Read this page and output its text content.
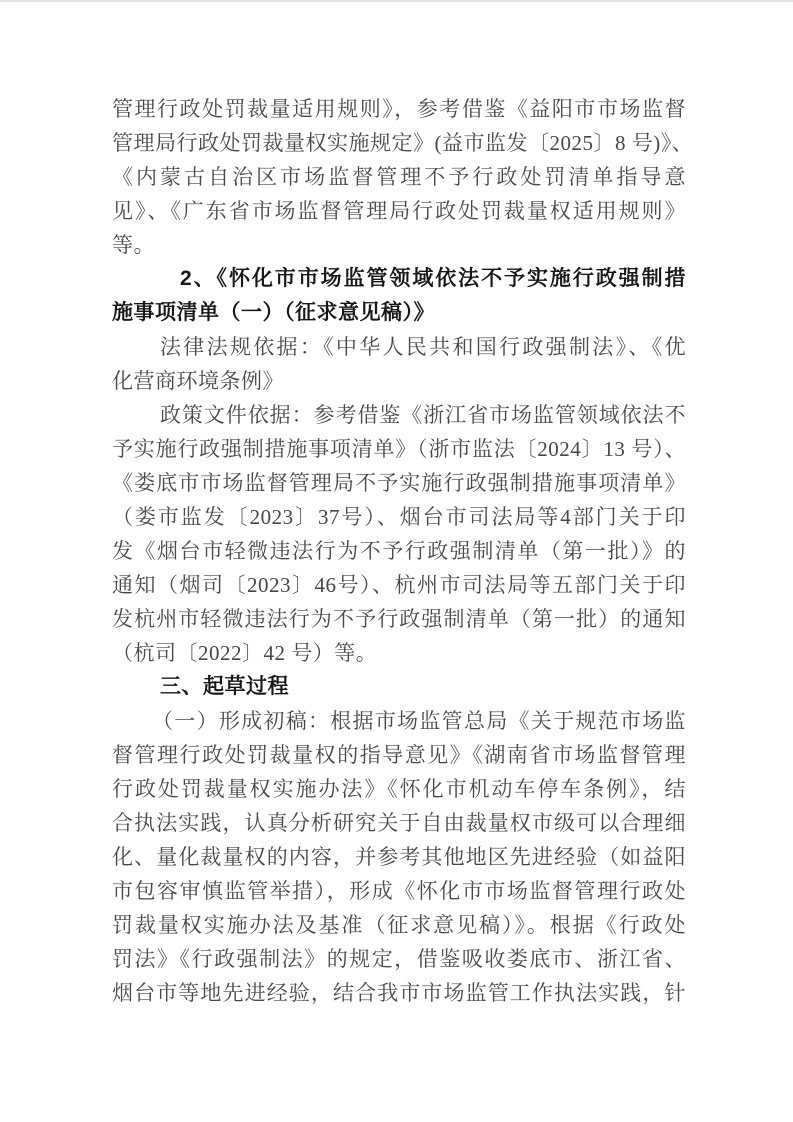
管理行政处罚裁量适用规则》，参考借鉴《益阳市市场监督
管理局行政处罚裁量权实施规定》(益市监发〔2025〕8 号)》、
《内蒙古自治区市场监督管理不予行政处罚清单指导意
见》、《广东省市场监督管理局行政处罚裁量权适用规则》
等。
2、《怀化市市场监管领域依法不予实施行政强制措
施事项清单（一）（征求意见稿）》
法律法规依据：《中华人民共和国行政强制法》、《优
化营商环境条例》
政策文件依据：参考借鉴《浙江省市场监管领域依法不
予实施行政强制措施事项清单》（浙市监法〔2024〕13 号）、
《娄底市市场监督管理局不予实施行政强制措施事项清单》
（娄市监发〔2023〕37号）、烟台市司法局等4部门关于印
发《烟台市轻微违法行为不予行政强制清单（第一批）》的
通知（烟司〔2023〕46号）、杭州市司法局等五部门关于印
发杭州市轻微违法行为不予行政强制清单（第一批）的通知
（杭司〔2022〕42 号）等。
三、起草过程
（一）形成初稿：根据市场监管总局《关于规范市场监
督管理行政处罚裁量权的指导意见》《湖南省市场监督管理
行政处罚裁量权实施办法》《怀化市机动车停车条例》，结
合执法实践，认真分析研究关于自由裁量权市级可以合理细
化、量化裁量权的内容，并参考其他地区先进经验（如益阳
市包容审慎监管举措），形成《怀化市市场监督管理行政处
罚裁量权实施办法及基准（征求意见稿）》。根据《行政处
罚法》《行政强制法》的规定，借鉴吸收娄底市、浙江省、
烟台市等地先进经验，结合我市市场监管工作执法实践，针
